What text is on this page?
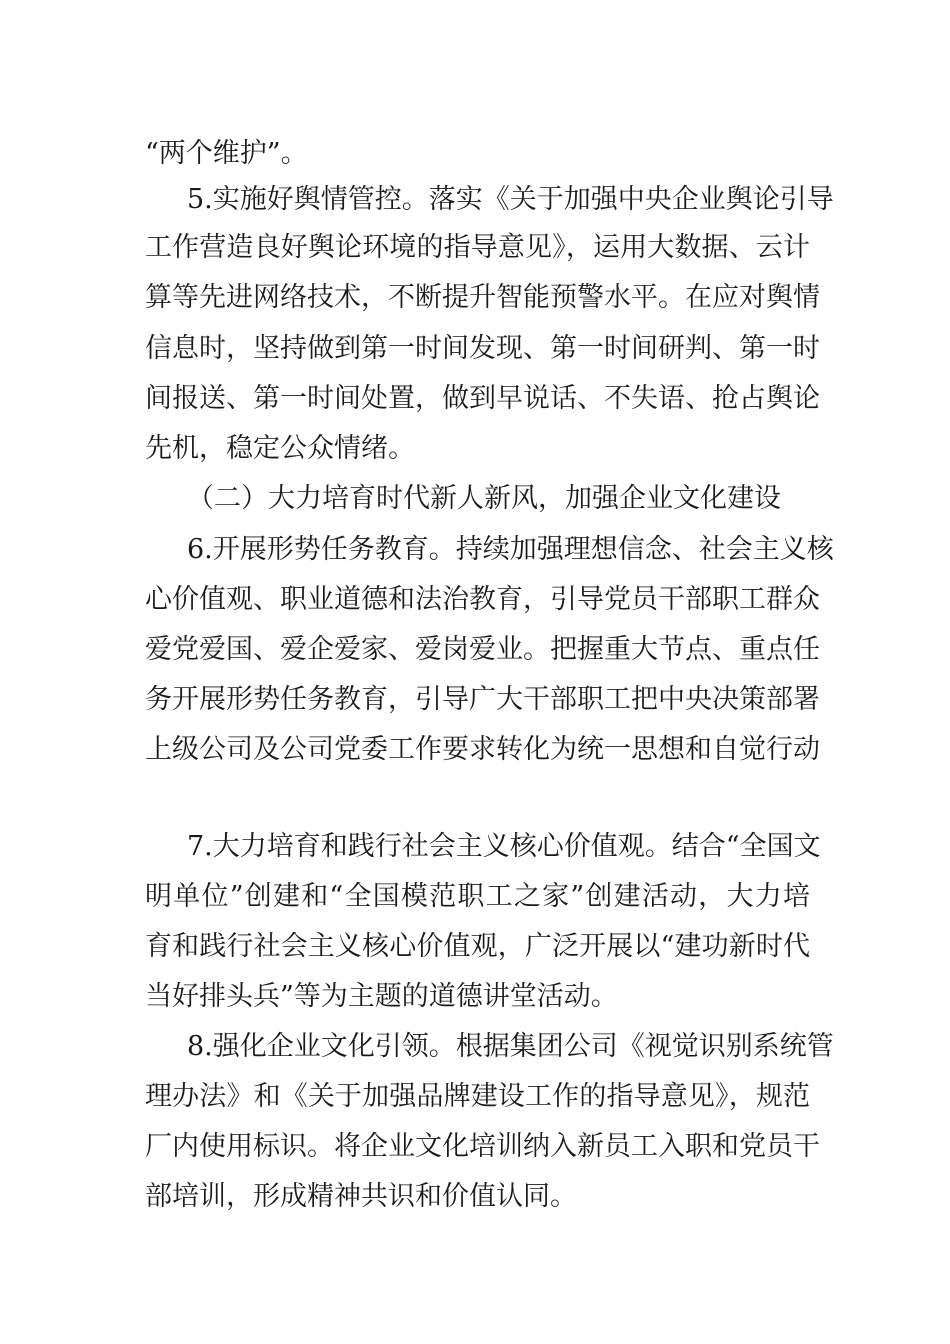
“两个维护”。
5.实施好舆情管控。落实《关于加强中央企业舆论引导
工作营造良好舆论环境的指导意见》，运用大数据、云计
算等先进网络技术，不断提升智能预警水平。在应对舆情
信息时，坚持做到第一时间发现、第一时间研判、第一时
间报送、第一时间处置，做到早说话、不失语、抢占舆论
先机，稳定公众情绪。
（二）大力培育时代新人新风，加强企业文化建设
6.开展形势任务教育。持续加强理想信念、社会主义核
心价值观、职业道德和法治教育，引导党员干部职工群众
爱党爱国、爱企爱家、爱岗爱业。把握重大节点、重点任
务开展形势任务教育，引导广大干部职工把中央决策部署
上级公司及公司党委工作要求转化为统一思想和自觉行动
7.大力培育和践行社会主义核心价值观。结合“全国文
明单位”创建和“全国模范职工之家”创建活动，大力培
育和践行社会主义核心价值观，广泛开展以“建功新时代
当好排头兵”等为主题的道德讲堂活动。
8.强化企业文化引领。根据集团公司《视觉识别系统管
理办法》和《关于加强品牌建设工作的指导意见》，规范
厂内使用标识。将企业文化培训纳入新员工入职和党员干
部培训，形成精神共识和价值认同。
